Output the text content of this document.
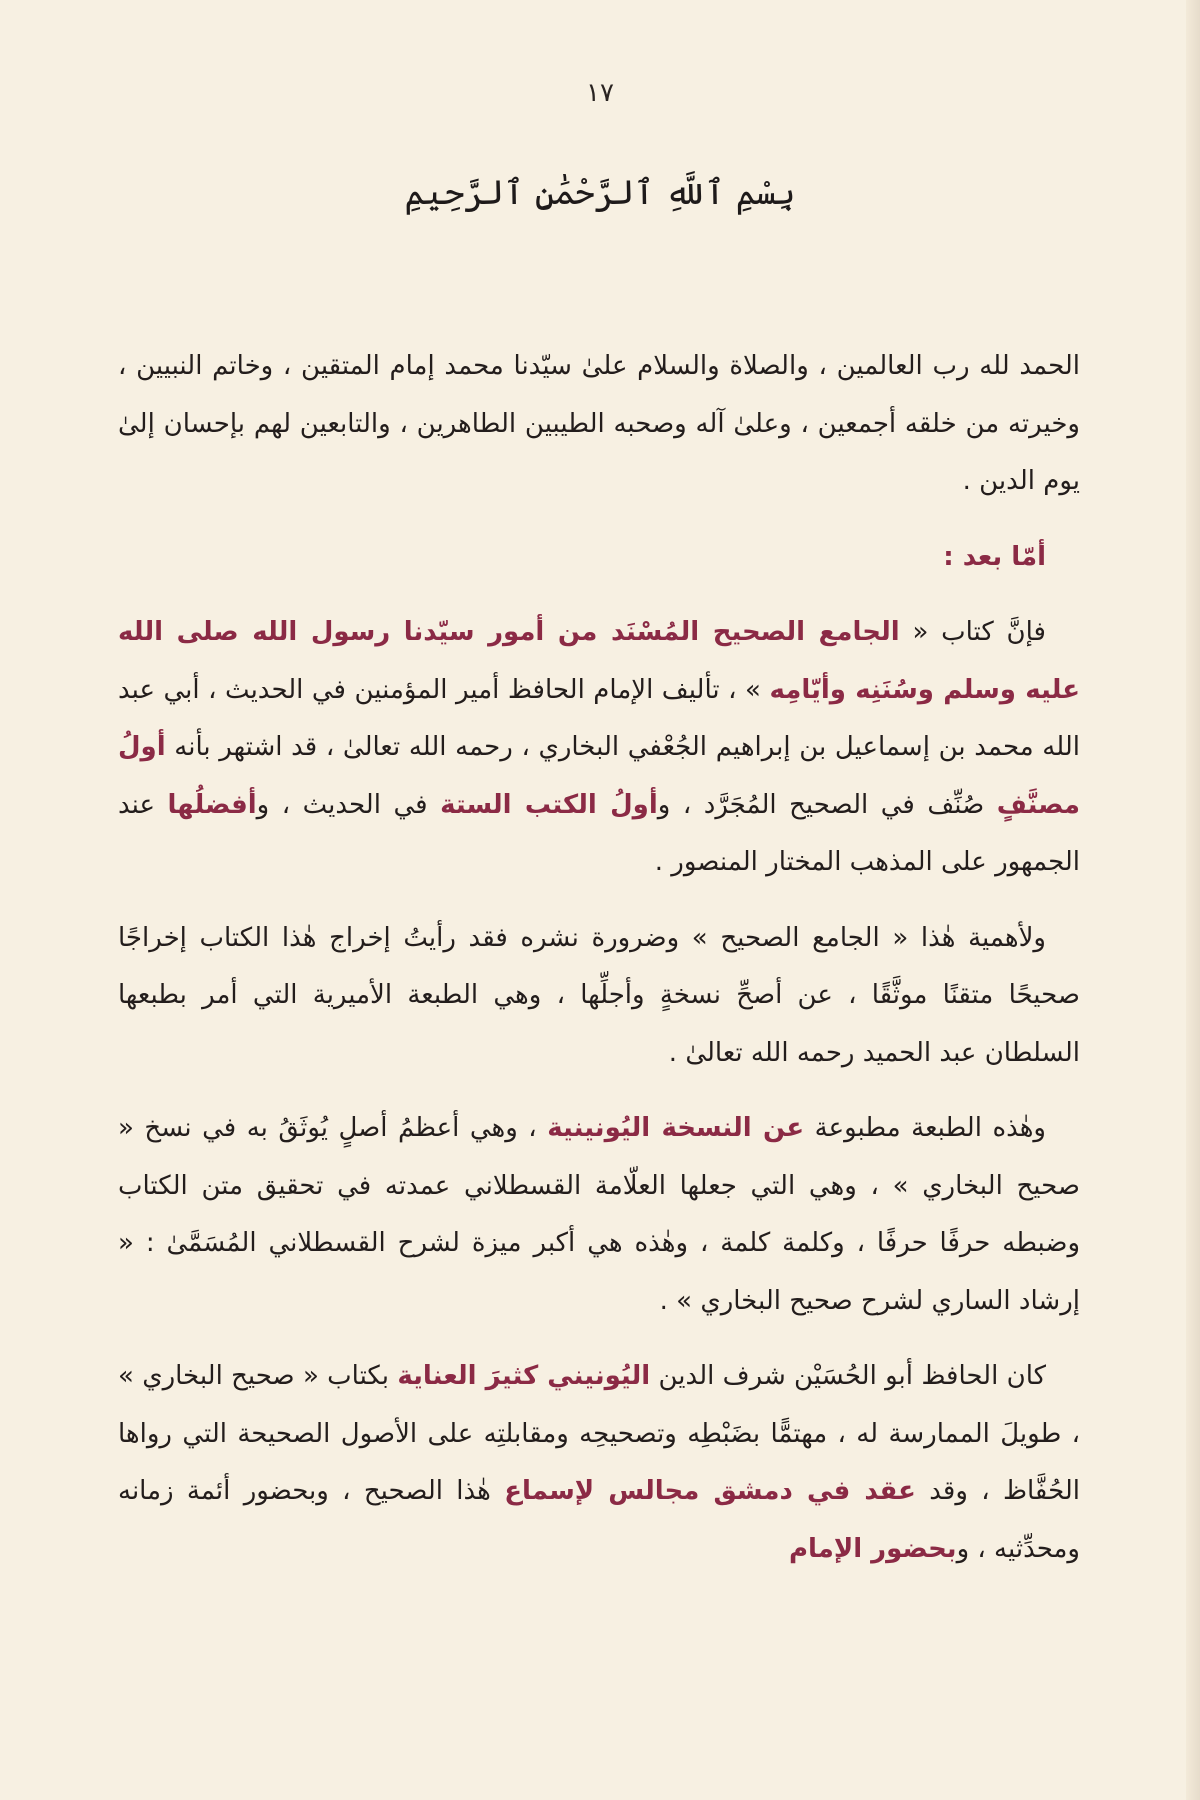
١٧
بِسْمِ ٱللَّهِ ٱلرَّحْمَٰنِ ٱلرَّحِيمِ

الحمد لله رب العالمين ، والصلاة والسلام علىٰ سيّدنا محمد إمام المتقين ، وخاتم النبيين ، وخيرته من خلقه أجمعين ، وعلىٰ آله وصحبه الطيبين الطاهرين ، والتابعين لهم بإحسان إلىٰ يوم الدين .

أمّا بعد :

فإنَّ كتاب « الجامع الصحيح المُسْنَد من أمور سيّدنا رسول الله صلى الله عليه وسلم وسُنَنِه وأيّامِه » ، تأليف الإمام الحافظ أمير المؤمنين في الحديث ، أبي عبد الله محمد بن إسماعيل بن إبراهيم الجُعْفي البخاري ، رحمه الله تعالىٰ ، قد اشتهر بأنه أولُ مصنَّفٍ صُنِّف في الصحيح المُجَرَّد ، وأولُ الكتب الستة في الحديث ، وأفضلُها عند الجمهور على المذهب المختار المنصور .

ولأهمية هٰذا « الجامع الصحيح » وضرورة نشره فقد رأيتُ إخراج هٰذا الكتاب إخراجًا صحيحًا متقنًا موثَّقًا ، عن أصحِّ نسخةٍ وأجلِّها ، وهي الطبعة الأميرية التي أمر بطبعها السلطان عبد الحميد رحمه الله تعالىٰ .

وهٰذه الطبعة مطبوعة عن النسخة اليُونينية ، وهي أعظمُ أصلٍ يُوثَقُ به في نسخ « صحيح البخاري » ، وهي التي جعلها العلّامة القسطلاني عمدته في تحقيق متن الكتاب وضبطه حرفًا حرفًا ، وكلمة كلمة ، وهٰذه هي أكبر ميزة لشرح القسطلاني المُسَمَّىٰ : « إرشاد الساري لشرح صحيح البخاري » .

كان الحافظ أبو الحُسَيْن شرف الدين اليُونيني كثيرَ العناية بكتاب « صحيح البخاري » ، طويلَ الممارسة له ، مهتمًّا بضَبْطِه وتصحيحِه ومقابلتِه على الأصول الصحيحة التي رواها الحُفَّاظ ، وقد عقد في دمشق مجالس لإسماع هٰذا الصحيح ، وبحضور أئمة زمانه ومحدِّثيه ، وبحضور الإمام
